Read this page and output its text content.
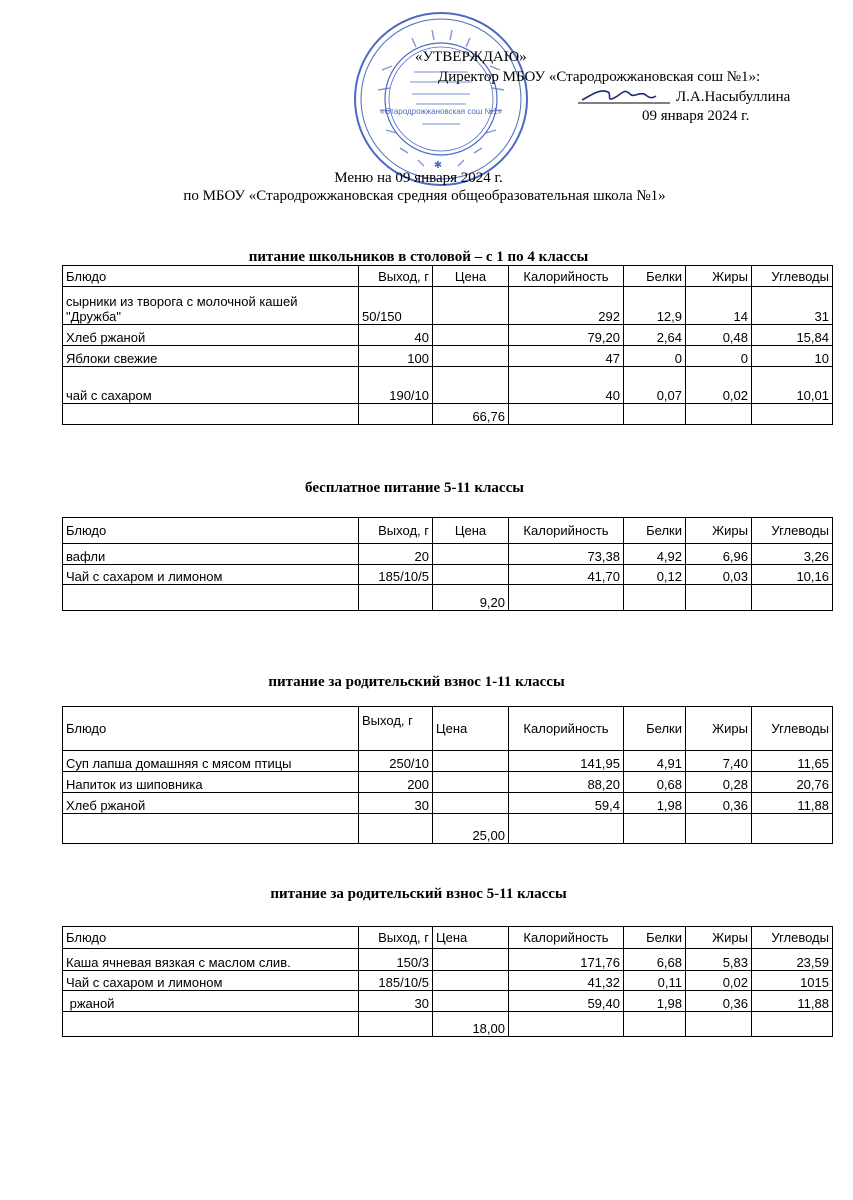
«Стародрожжановская сош №1»
✱
«УТВЕРЖДАЮ»
Директор МБОУ «Стародрожжановская сош №1»:
Л.А.Насыбуллина
09 января 2024 г.
Меню на 09 января 2024 г.
по МБОУ «Стародрожжановская средняя общеобразовательная школа №1»
питание школьников в столовой – с 1 по 4 классы
Блюдо	Выход, г	Цена	Калорийность	Белки	Жиры	Углеводы
сырники из творога с молочной кашей "Дружба"	50/150		292	12,9	14	31
Хлеб ржаной	40		79,20	2,64	0,48	15,84
Яблоки свежие	100		47	0	0	10
чай с сахаром	190/10		40	0,07	0,02	10,01
		66,76				
бесплатное питание 5-11 классы
Блюдо	Выход, г	Цена	Калорийность	Белки	Жиры	Углеводы
вафли	20		73,38	4,92	6,96	3,26
Чай с сахаром и лимоном	185/10/5		41,70	0,12	0,03	10,16
		9,20				
питание за родительский взнос 1-11 классы
Блюдо	Выход, г	Цена	Калорийность	Белки	Жиры	Углеводы
Суп лапша домашняя с мясом птицы	250/10		141,95	4,91	7,40	11,65
Напиток из шиповника	200		88,20	0,68	0,28	20,76
Хлеб ржаной	30		59,4	1,98	0,36	11,88
		25,00				
питание за родительский взнос 5-11 классы
Блюдо	Выход, г	Цена	Калорийность	Белки	Жиры	Углеводы
Каша ячневая вязкая с маслом слив.	150/3		171,76	6,68	5,83	23,59
Чай с сахаром и лимоном	185/10/5		41,32	0,11	0,02	1015
ржаной	30		59,40	1,98	0,36	11,88
		18,00				
